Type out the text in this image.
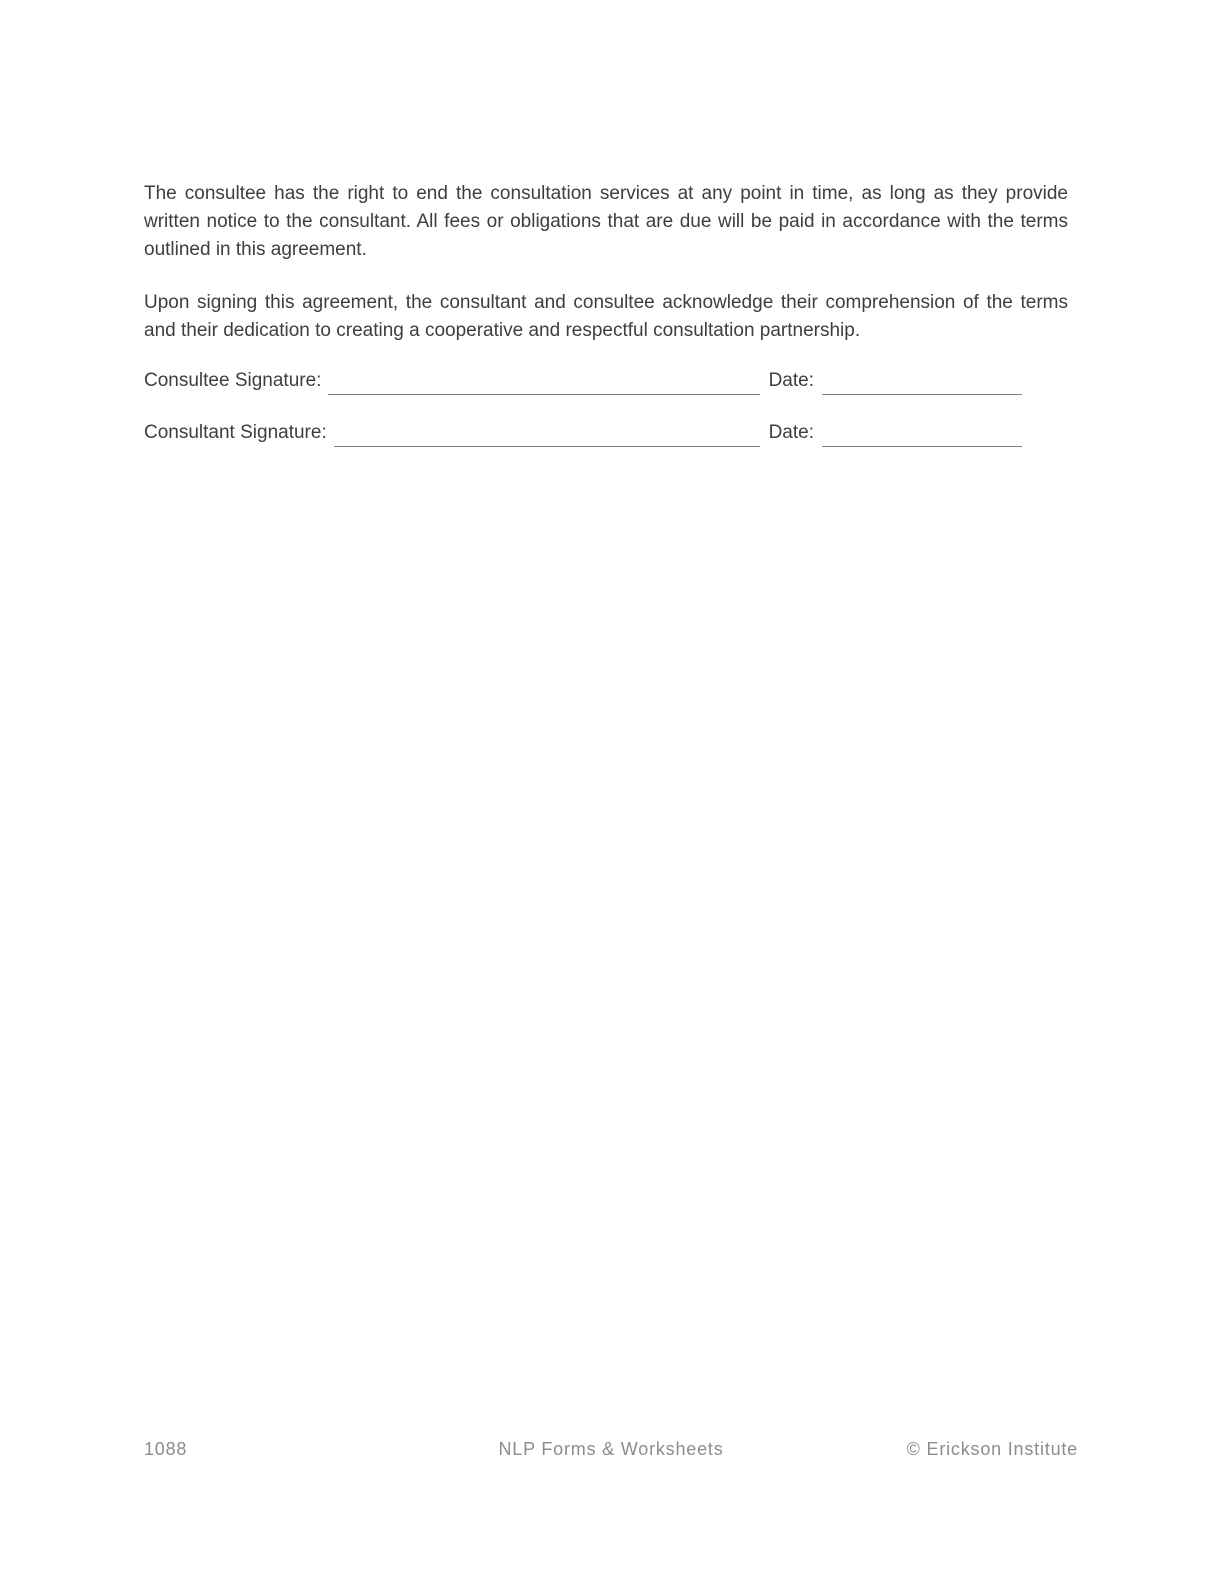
The consultee has the right to end the consultation services at any point in time, as long as they provide written notice to the consultant. All fees or obligations that are due will be paid in accordance with the terms outlined in this agreement.

Upon signing this agreement, the consultant and consultee acknowledge their comprehension of the terms and their dedication to creating a cooperative and respectful consultation partnership.

Consultee Signature:	Date:
Consultant Signature:	Date:
1088	NLP Forms & Worksheets	© Erickson Institute
